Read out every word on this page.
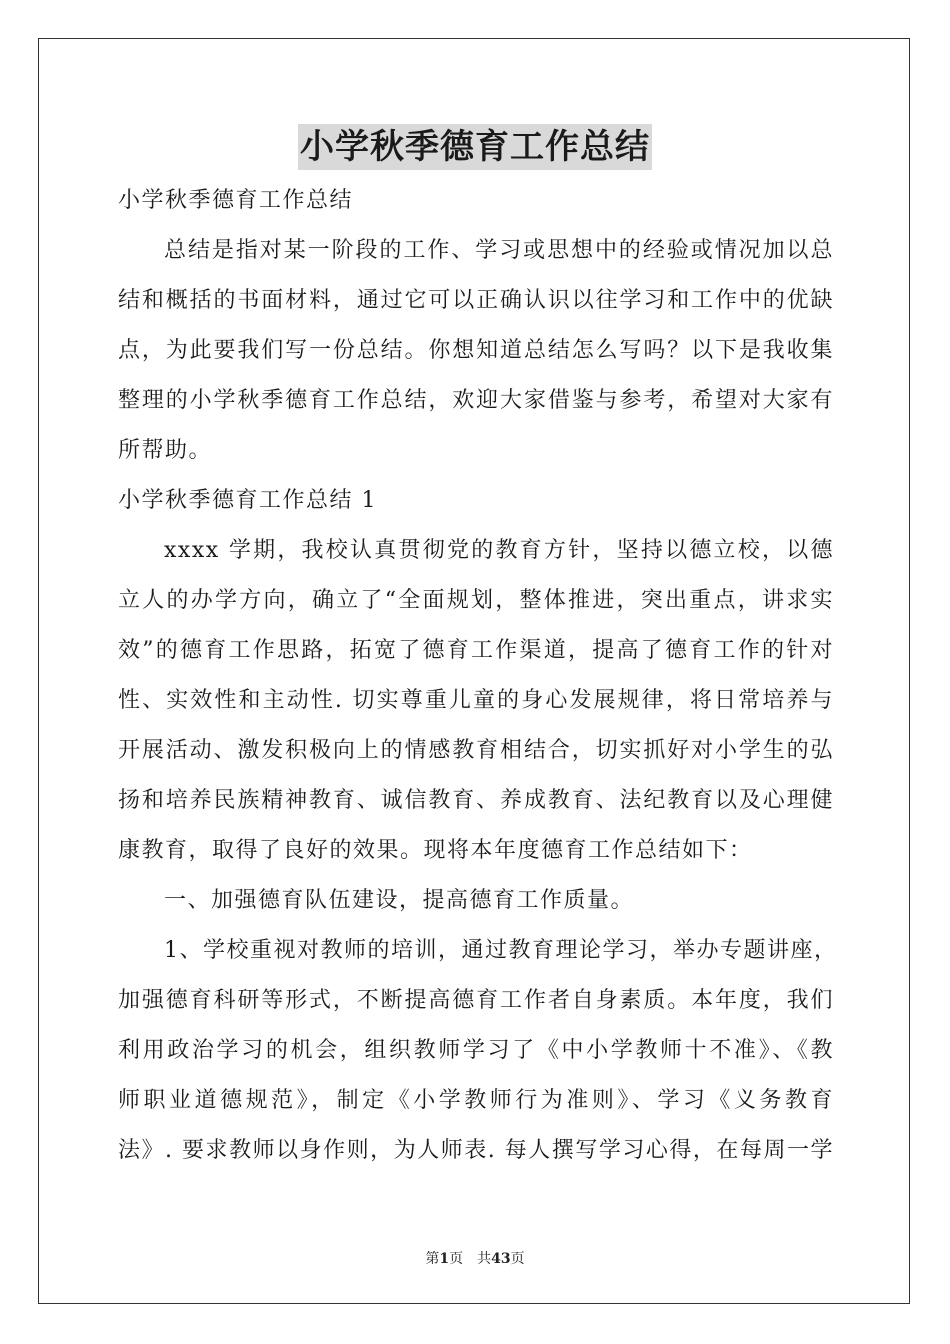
小学秋季德育工作总结
小学秋季德育工作总结
总结是指对某一阶段的工作、学习或思想中的经验或情况加以总
结和概括的书面材料，通过它可以正确认识以往学习和工作中的优缺
点，为此要我们写一份总结。你想知道总结怎么写吗？以下是我收集
整理的小学秋季德育工作总结，欢迎大家借鉴与参考，希望对大家有
所帮助。
小学秋季德育工作总结 1
xxxx 学期，我校认真贯彻党的教育方针，坚持以德立校，以德
立人的办学方向，确立了“全面规划，整体推进，突出重点，讲求实
效”的德育工作思路，拓宽了德育工作渠道，提高了德育工作的针对
性、实效性和主动性. 切实尊重儿童的身心发展规律，将日常培养与
开展活动、激发积极向上的情感教育相结合，切实抓好对小学生的弘
扬和培养民族精神教育、诚信教育、养成教育、法纪教育以及心理健
康教育，取得了良好的效果。现将本年度德育工作总结如下：
一、加强德育队伍建设，提高德育工作质量。
1、学校重视对教师的培训，通过教育理论学习，举办专题讲座，
加强德育科研等形式，不断提高德育工作者自身素质。本年度，我们
利用政治学习的机会，组织教师学习了《中小学教师十不准》、《教
师职业道德规范》，制定《小学教师行为准则》、学习《义务教育
法》. 要求教师以身作则，为人师表. 每人撰写学习心得，在每周一学
第1页 共43页
